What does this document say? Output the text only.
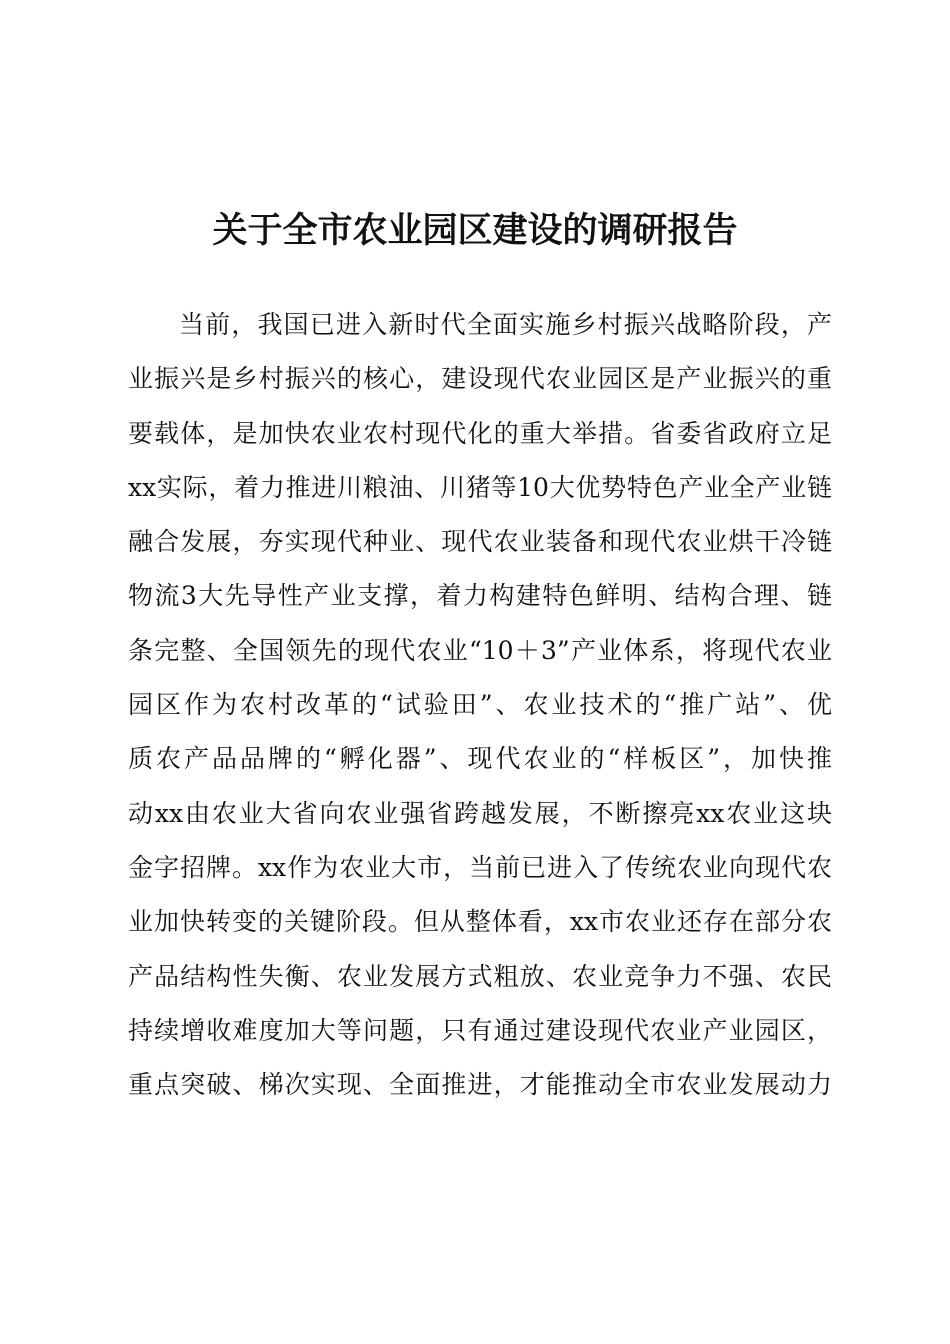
关于全市农业园区建设的调研报告
当前，我国已进入新时代全面实施乡村振兴战略阶段，产
业振兴是乡村振兴的核心，建设现代农业园区是产业振兴的重
要载体，是加快农业农村现代化的重大举措。省委省政府立足
xx实际，着力推进川粮油、川猪等10大优势特色产业全产业链
融合发展，夯实现代种业、现代农业装备和现代农业烘干冷链
物流3大先导性产业支撑，着力构建特色鲜明、结构合理、链
条完整、全国领先的现代农业“10＋3”产业体系，将现代农业
园区作为农村改革的“试验田”、农业技术的“推广站”、优
质农产品品牌的“孵化器”、现代农业的“样板区”，加快推
动xx由农业大省向农业强省跨越发展，不断擦亮xx农业这块
金字招牌。xx作为农业大市，当前已进入了传统农业向现代农
业加快转变的关键阶段。但从整体看，xx市农业还存在部分农
产品结构性失衡、农业发展方式粗放、农业竞争力不强、农民
持续增收难度加大等问题，只有通过建设现代农业产业园区，
重点突破、梯次实现、全面推进，才能推动全市农业发展动力
